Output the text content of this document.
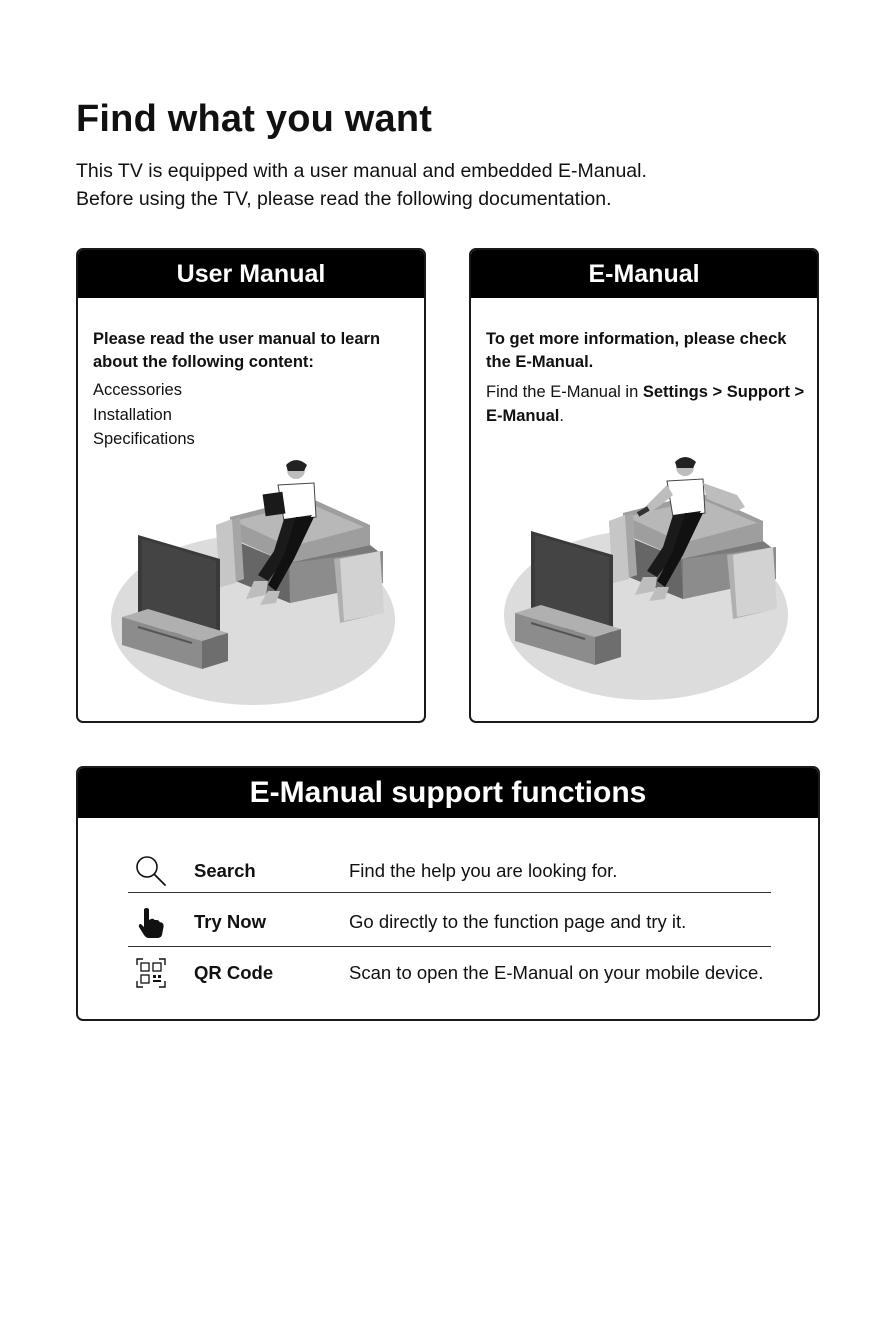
Find what you want

This TV is equipped with a user manual and embedded E-Manual.

Before using the TV, please read the following documentation.

User Manual

Please read the user manual to learn about the following content:

Accessories
Installation
Specifications
E-Manual

To get more information, please check the E-Manual.

Find the E-Manual in Settings > Support > E-Manual.

E-Manual support functions
Search	Find the help you are looking for.
Try Now	Go directly to the function page and try it.
QR Code	Scan to open the E-Manual on your mobile device.
